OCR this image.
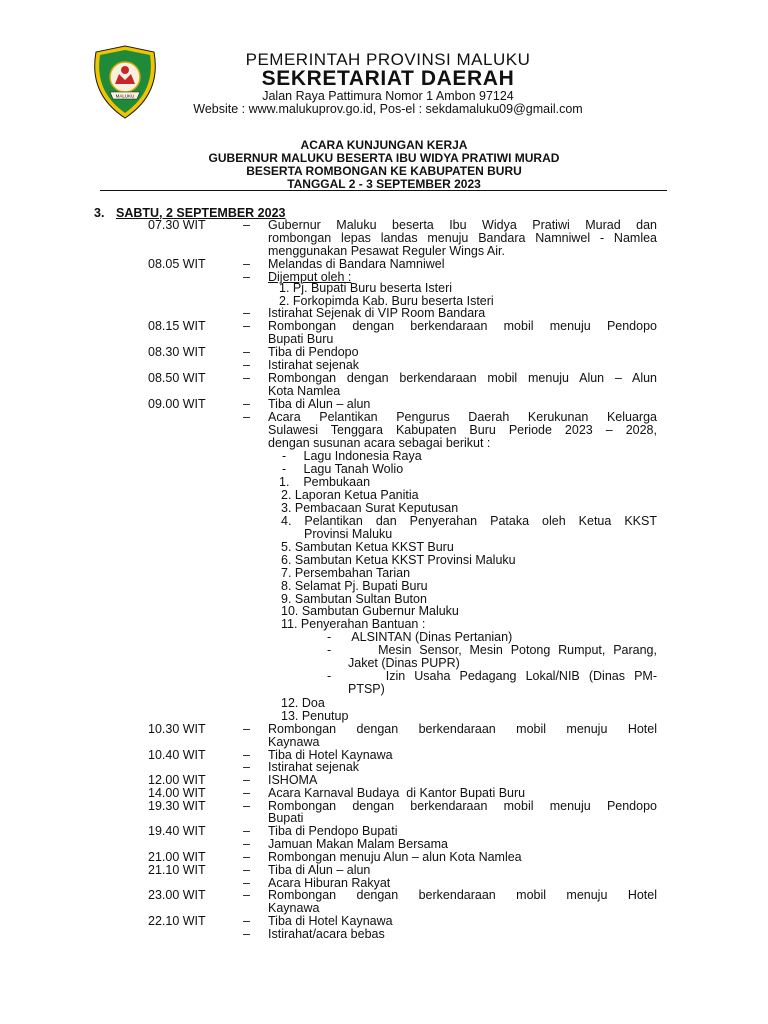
MALUKU
PEMERINTAH PROVINSI MALUKU
SEKRETARIAT DAERAH
Jalan Raya Pattimura Nomor 1 Ambon 97124
Website : www.malukuprov.go.id, Pos-el : sekdamaluku09@gmail.com
ACARA KUNJUNGAN KERJA
GUBERNUR MALUKU BESERTA IBU WIDYA PRATIWI MURAD
BESERTA ROMBONGAN KE KABUPATEN BURU
TANGGAL 2 - 3 SEPTEMBER 2023
3. SABTU, 2 SEPTEMBER 2023
07.30 WIT
08.05 WIT
08.15 WIT
08.30 WIT
08.50 WIT
09.00 WIT
10.30 WIT
10.40 WIT
12.00 WIT
14.00 WIT
19.30 WIT
19.40 WIT
21.00 WIT
21.10 WIT
23.00 WIT
22.10 WIT
–
–
–
–
–
–
–
–
–
–
–
–
–
–
–
–
–
–
–
–
–
–
–
–
Gubernur Maluku beserta Ibu Widya Pratiwi Murad dan
rombongan lepas landas menuju Bandara Namniwel - Namlea
menggunakan Pesawat Reguler Wings Air.
Melandas di Bandara Namniwel
Dijemput oleh :
1. Pj. Bupati Buru beserta Isteri
2. Forkopimda Kab. Buru beserta Isteri
Istirahat Sejenak di VIP Room Bandara
Rombongan dengan berkendaraan mobil menuju Pendopo
Bupati Buru
Tiba di Pendopo
Istirahat sejenak
Rombongan dengan berkendaraan mobil menuju Alun – Alun
Kota Namlea
Tiba di Alun – alun
Acara Pelantikan Pengurus Daerah Kerukunan Keluarga
Sulawesi Tenggara Kabupaten Buru Periode 2023 – 2028,
dengan susunan acara sebagai berikut :
-     Lagu Indonesia Raya
-     Lagu Tanah Wolio
1.    Pembukaan
2. Laporan Ketua Panitia
3. Pembacaan Surat Keputusan
4. Pelantikan dan Penyerahan Pataka oleh Ketua KKST
Provinsi Maluku
5. Sambutan Ketua KKST Buru
6. Sambutan Ketua KKST Provinsi Maluku
7. Persembahan Tarian
8. Selamat Pj. Bupati Buru
9. Sambutan Sultan Buton
10. Sambutan Gubernur Maluku
11. Penyerahan Bantuan :
-      ALSINTAN (Dinas Pertanian)
-      Mesin Sensor, Mesin Potong Rumput, Parang,
Jaket (Dinas PUPR)
-      Izin Usaha Pedagang Lokal/NIB (Dinas PM-
PTSP)
12. Doa
13. Penutup
Rombongan dengan berkendaraan mobil menuju Hotel
Kaynawa
Tiba di Hotel Kaynawa
Istirahat sejenak
ISHOMA
Acara Karnaval Budaya  di Kantor Bupati Buru
Rombongan dengan berkendaraan mobil menuju Pendopo
Bupati
Tiba di Pendopo Bupati
Jamuan Makan Malam Bersama
Rombongan menuju Alun – alun Kota Namlea
Tiba di Alun – alun
Acara Hiburan Rakyat
Rombongan dengan berkendaraan mobil menuju Hotel
Kaynawa
Tiba di Hotel Kaynawa
Istirahat/acara bebas
